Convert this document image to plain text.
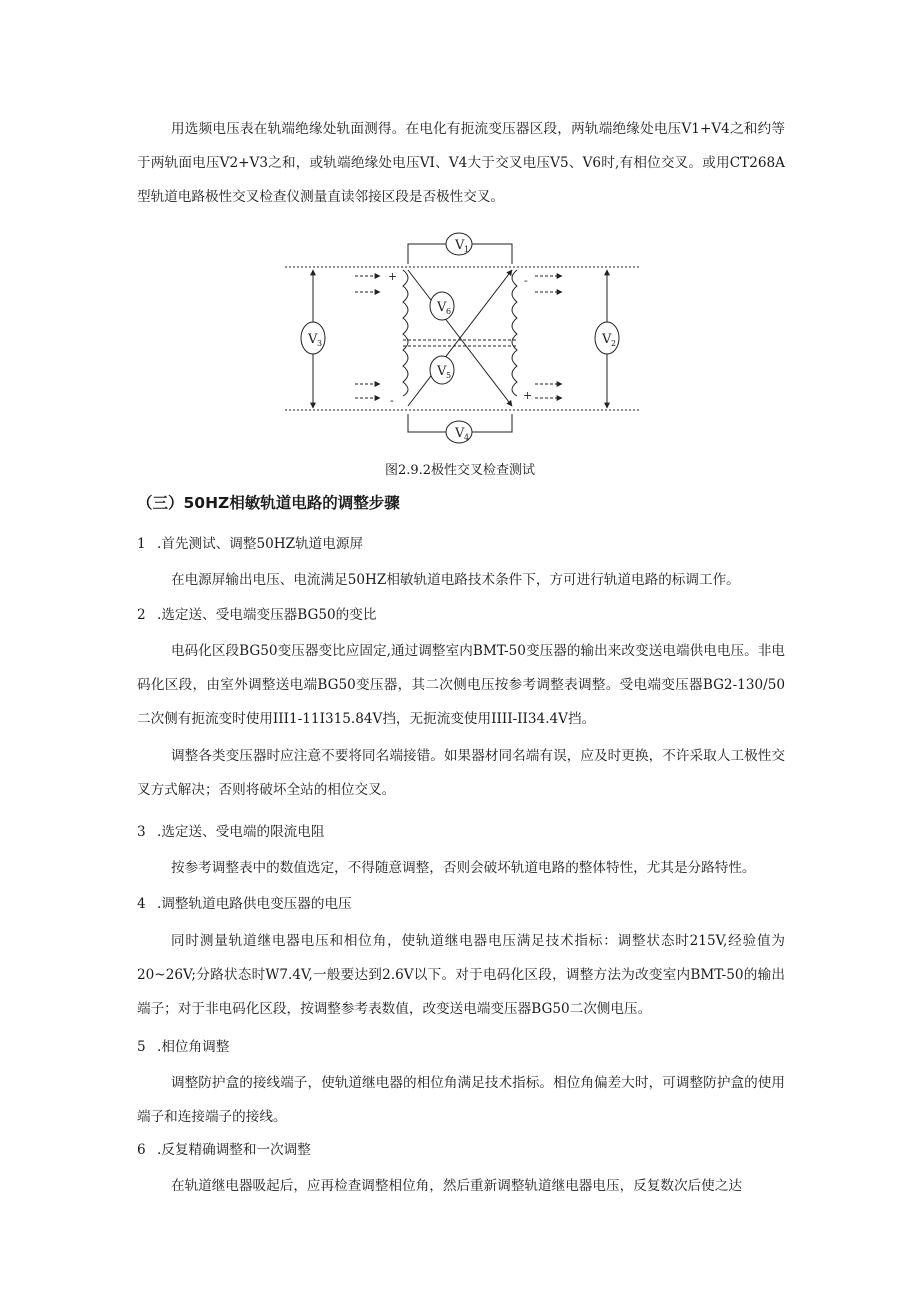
用选频电压表在轨端绝缘处轨面测得。在电化有扼流变压器区段，两轨端绝缘处电压V1+V4之和约等于两轨面电压V2+V3之和，或轨端绝缘处电压VI、V4大于交叉电压V5、V6时,有相位交叉。或用CT268A型轨道电路极性交叉检查仪测量直读邻接区段是否极性交叉。

V 1
V 4
V 3	V 2
V 6
V 5
+	-
-	+

图2.9.2极性交叉检查测试

（三）50HZ相敏轨道电路的调整步骤

1 .首先测试、调整50HZ轨道电源屏

在电源屏输出电压、电流满足50HZ相敏轨道电路技术条件下，方可进行轨道电路的标调工作。

2 .选定送、受电端变压器BG50的变比

电码化区段BG50变压器变比应固定,通过调整室内BMT-50变压器的输出来改变送电端供电电压。非电码化区段，由室外调整送电端BG50变压器，其二次侧电压按参考调整表调整。受电端变压器BG2-130/50二次侧有扼流变时使用III1-11I315.84V挡，无扼流变使用IIII-II34.4V挡。

调整各类变压器时应注意不要将同名端接错。如果器材同名端有误，应及时更换，不许采取人工极性交叉方式解决；否则将破坏全站的相位交叉。

3 .选定送、受电端的限流电阻

按参考调整表中的数值选定，不得随意调整，否则会破坏轨道电路的整体特性，尤其是分路特性。

4 .调整轨道电路供电变压器的电压

同时测量轨道继电器电压和相位角，使轨道继电器电压满足技术指标：调整状态时215V,经验值为20~26V;分路状态时W7.4V,一般要达到2.6V以下。对于电码化区段，调整方法为改变室内BMT-50的输出端子；对于非电码化区段，按调整参考表数值，改变送电端变压器BG50二次侧电压。

5 .相位角调整

调整防护盒的接线端子，使轨道继电器的相位角满足技术指标。相位角偏差大时，可调整防护盒的使用端子和连接端子的接线。

6 .反复精确调整和一次调整

在轨道继电器吸起后，应再检查调整相位角，然后重新调整轨道继电器电压，反复数次后使之达
